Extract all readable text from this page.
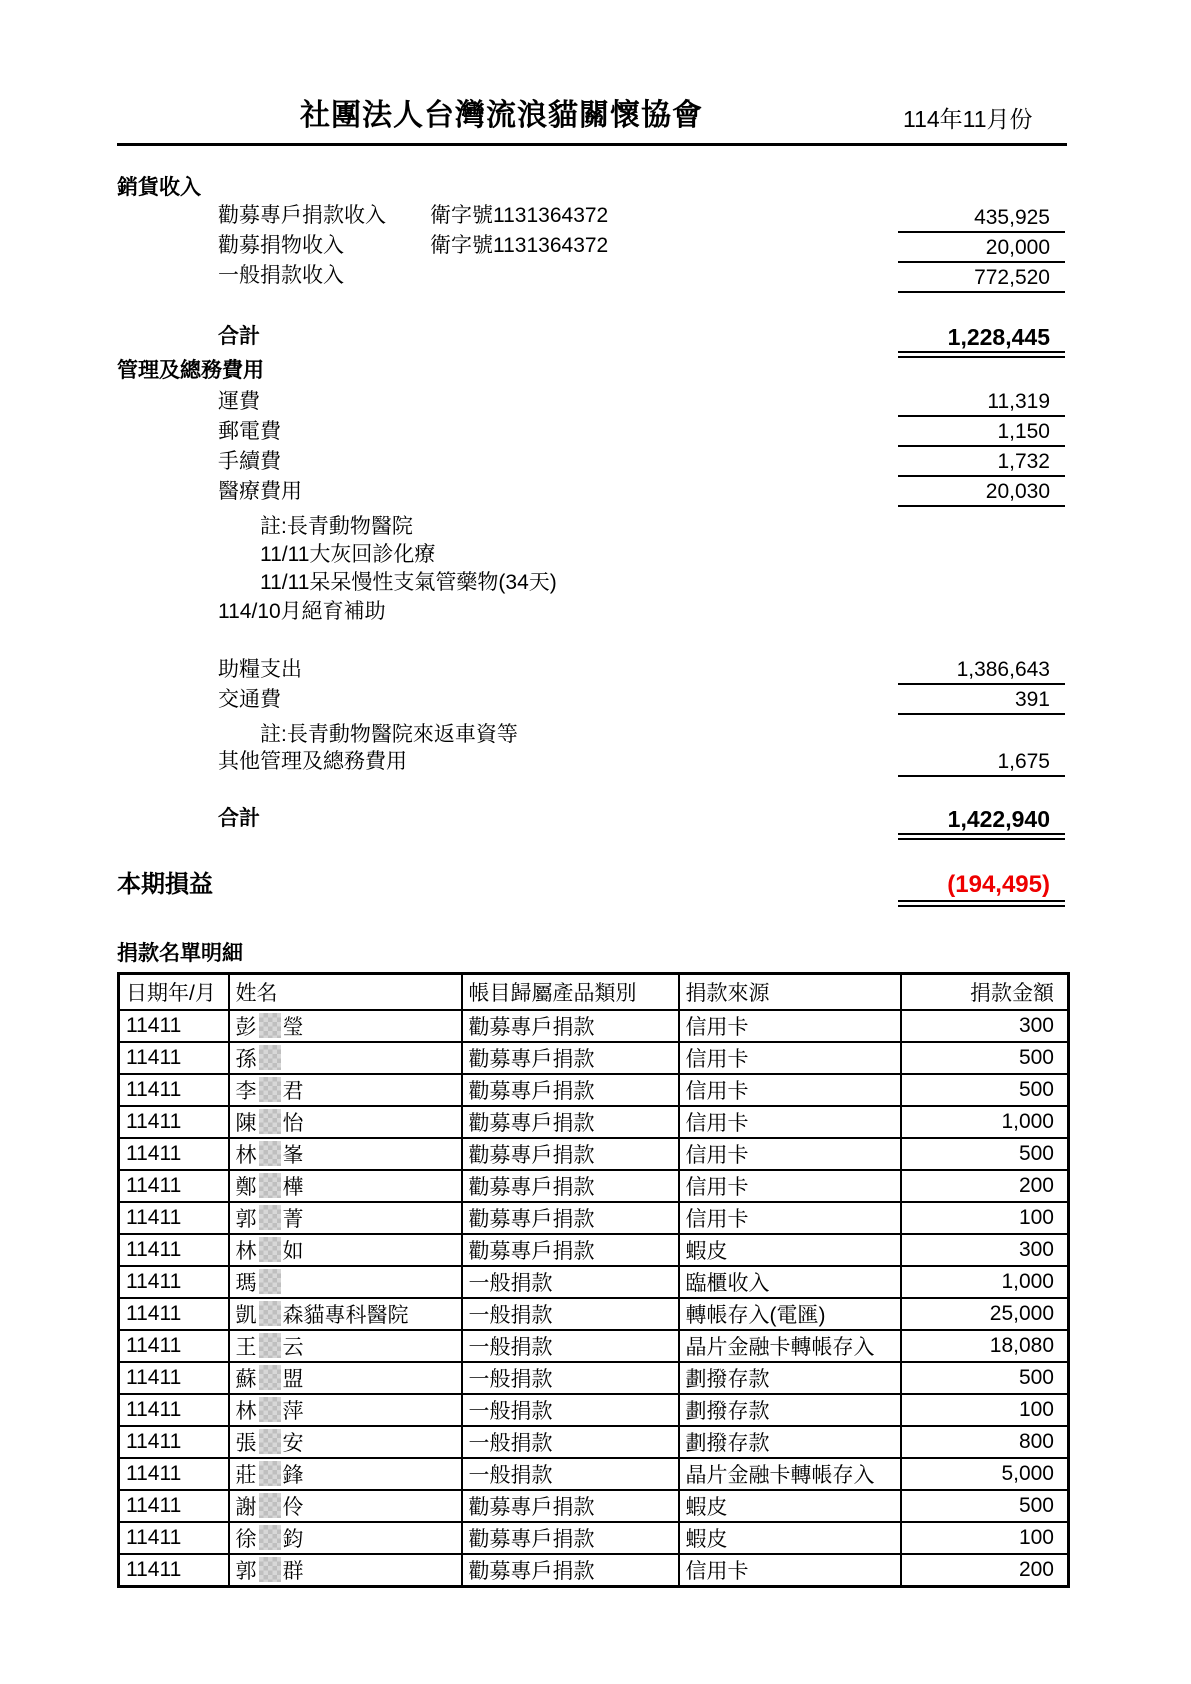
社團法人台灣流浪貓關懷協會	114年11月份
銷貨收入
勸募專戶捐款收入 衛字號1131364372	435,925
勸募捐物收入	衛字號1131364372	20,000
一般捐款收入	772,520
合計	1,228,445
管理及總務費用
運費	11,319
郵電費	1,150
手續費	1,732
醫療費用	20,030
註:長青動物醫院
11/11大灰回診化療
11/11呆呆慢性支氣管藥物(34天)
114/10月絕育補助
助糧支出	1,386,643
交通費	391
註:長青動物醫院來返車資等
其他管理及總務費用	1,675
合計	1,422,940
本期損益	(194,495)
捐款名單明細
日期年/月	姓名	帳目歸屬產品類別	捐款來源	捐款金額
11411	彭 瑩	勸募專戶捐款	信用卡	300
11411	孫	勸募專戶捐款	信用卡	500
11411	李 君	勸募專戶捐款	信用卡	500
11411	陳 怡	勸募專戶捐款	信用卡	1,000
11411	林 峯	勸募專戶捐款	信用卡	500
11411	鄭 樺	勸募專戶捐款	信用卡	200
11411	郭 菁	勸募專戶捐款	信用卡	100
11411	林 如	勸募專戶捐款	蝦皮	300
11411	瑪	一般捐款	臨櫃收入	1,000
11411	凱 森貓專科醫院	一般捐款	轉帳存入(電匯)	25,000
11411	王 云	一般捐款	晶片金融卡轉帳存入	18,080
11411	蘇 盟	一般捐款	劃撥存款	500
11411	林 萍	一般捐款	劃撥存款	100
11411	張 安	一般捐款	劃撥存款	800
11411	莊 鋒	一般捐款	晶片金融卡轉帳存入	5,000
11411	謝 伶	勸募專戶捐款	蝦皮	500
11411	徐 鈞	勸募專戶捐款	蝦皮	100
11411	郭 群	勸募專戶捐款	信用卡	200
